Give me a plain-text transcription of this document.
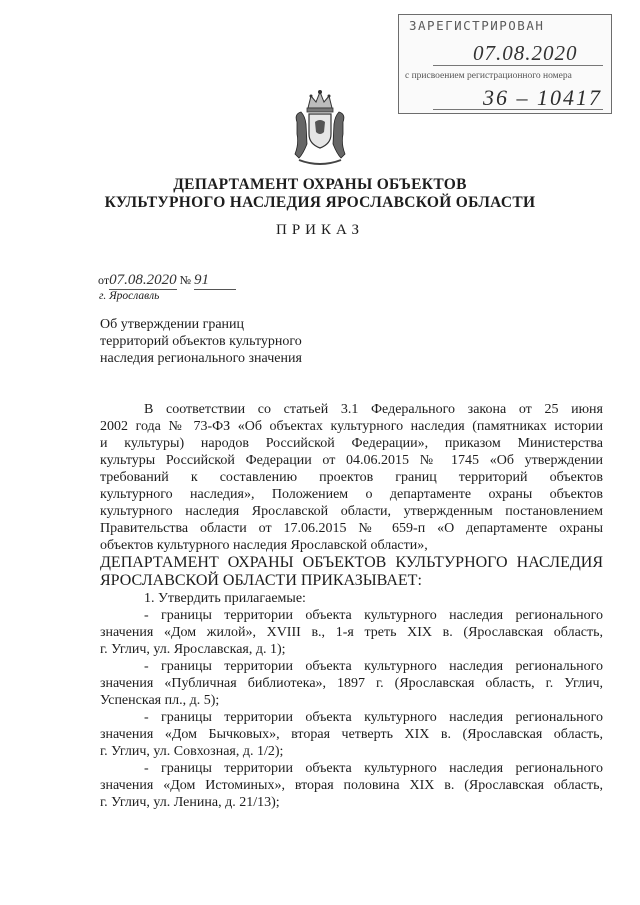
ЗАРЕГИСТРИРОВАН
07.08.2020
с присвоением регистрационного номера
36 – 10417
ДЕПАРТАМЕНТ ОХРАНЫ ОБЪЕКТОВ
КУЛЬТУРНОГО НАСЛЕДИЯ ЯРОСЛАВСКОЙ ОБЛАСТИ
ПРИКАЗ
от07.08.2020 № 91
г. Ярославль
Об утверждении границ
территорий объектов культурного
наследия регионального значения
В соответствии со статьей 3.1 Федерального закона от 25 июня
2002 года № 73-ФЗ «Об объектах культурного наследия (памятниках истории
и культуры) народов Российской Федерации», приказом Министерства
культуры Российской Федерации от 04.06.2015 № 1745 «Об утверждении
требований к составлению проектов границ территорий объектов
культурного наследия», Положением о департаменте охраны объектов
культурного наследия Ярославской области, утвержденным постановлением
Правительства области от 17.06.2015 № 659-п «О департаменте охраны
объектов культурного наследия Ярославской области»,
ДЕПАРТАМЕНТ ОХРАНЫ ОБЪЕКТОВ КУЛЬТУРНОГО НАСЛЕДИЯ
ЯРОСЛАВСКОЙ ОБЛАСТИ ПРИКАЗЫВАЕТ:
1. Утвердить прилагаемые:
- границы территории объекта культурного наследия регионального
значения «Дом жилой», XVIII в., 1-я треть XIX в. (Ярославская область,
г. Углич, ул. Ярославская, д. 1);
- границы территории объекта культурного наследия регионального
значения «Публичная библиотека», 1897 г. (Ярославская область, г. Углич,
Успенская пл., д. 5);
- границы территории объекта культурного наследия регионального
значения «Дом Бычковых», вторая четверть XIX в. (Ярославская область,
г. Углич, ул. Совхозная, д. 1/2);
- границы территории объекта культурного наследия регионального
значения «Дом Истоминых», вторая половина XIX в. (Ярославская область,
г. Углич, ул. Ленина, д. 21/13);
